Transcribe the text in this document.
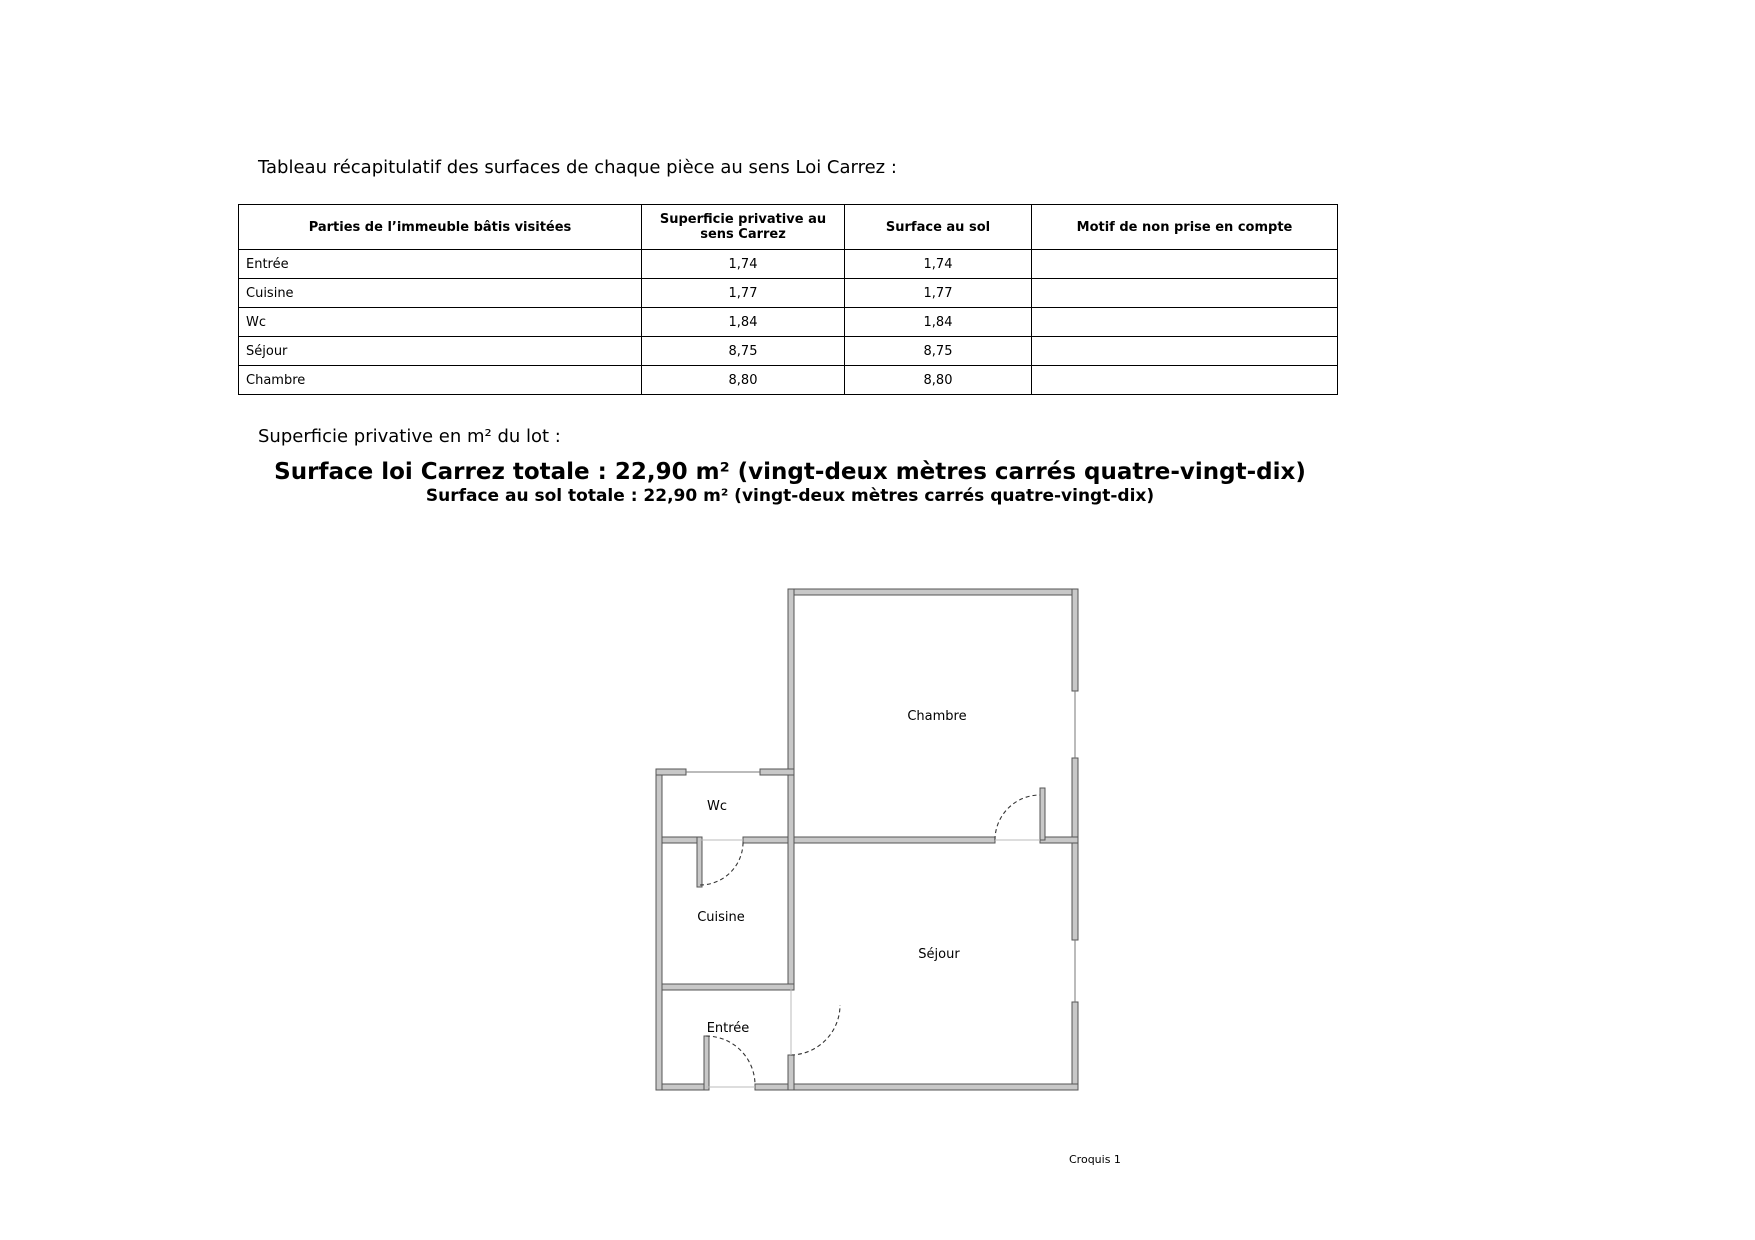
Tableau récapitulatif des surfaces de chaque pièce au sens Loi Carrez :
Parties de l’immeuble bâtis visitées	Superficie privative au sens Carrez	Surface au sol	Motif de non prise en compte
Entrée	1,74	1,74	
Cuisine	1,77	1,77	
Wc	1,84	1,84	
Séjour	8,75	8,75	
Chambre	8,80	8,80	
Superficie privative en m² du lot :
Surface loi Carrez totale : 22,90 m² (vingt-deux mètres carrés quatre-vingt-dix)
Surface au sol totale : 22,90 m² (vingt-deux mètres carrés quatre-vingt-dix)
Chambre
Wc
Cuisine
Séjour
Entrée
Croquis 1
